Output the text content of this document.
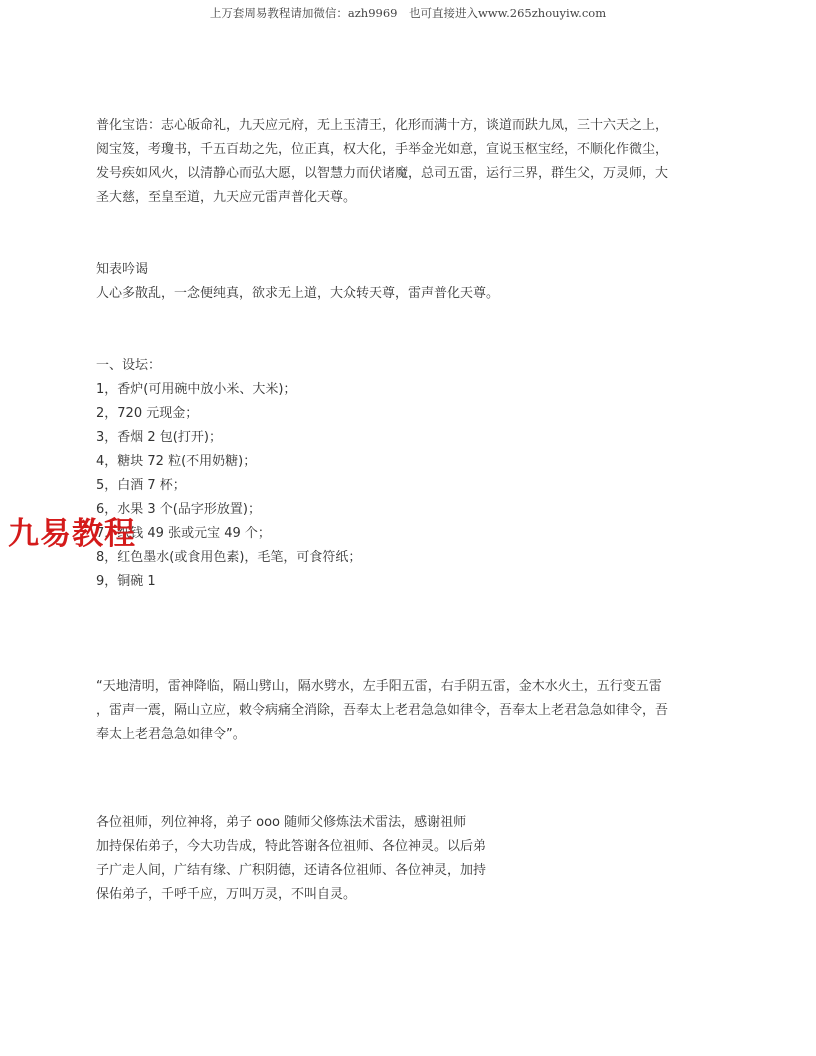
上万套周易教程请加微信：azh9969　也可直接进入www.265zhouyiw.com

普化宝诰：志心皈命礼，九天应元府，无上玉清王，化形而满十方，谈道而趺九凤，三十六天之上，

阅宝笈，考瓊书，千五百劫之先，位正真，权大化，手举金光如意，宣说玉枢宝经，不顺化作微尘，

发号疾如风火，以清静心而弘大愿，以智慧力而伏诸魔，总司五雷，运行三界，群生父，万灵师，大

圣大慈，至皇至道，九天应元雷声普化天尊。

知表吟谒

人心多散乱，一念便纯真，欲求无上道，大众转天尊，雷声普化天尊。

一、设坛：

1，香炉(可用碗中放小米、大米)；

2，720 元现金；

3，香烟 2 包(打开)；

4，糖块 72 粒(不用奶糖)；

5，白酒 7 杯；

6，水果 3 个(品字形放置)；

7，纸钱 49 张或元宝 49 个；

8，红色墨水(或食用色素)，毛笔，可食符纸；

9，铜碗 1

“天地清明，雷神降临，隔山劈山，隔水劈水，左手阳五雷，右手阴五雷，金木水火土，五行变五雷

，雷声一震，隔山立应，敕令病痛全消除，吾奉太上老君急急如律令，吾奉太上老君急急如律令，吾

奉太上老君急急如律令”。

各位祖师，列位神将，弟子 ooo 随师父修炼法术雷法，感谢祖师

加持保佑弟子，今大功告成，特此答谢各位祖师、各位神灵。以后弟

子广走人间，广结有缘、广积阴德，还请各位祖师、各位神灵，加持

保佑弟子，千呼千应，万叫万灵，不叫自灵。

九易教程
